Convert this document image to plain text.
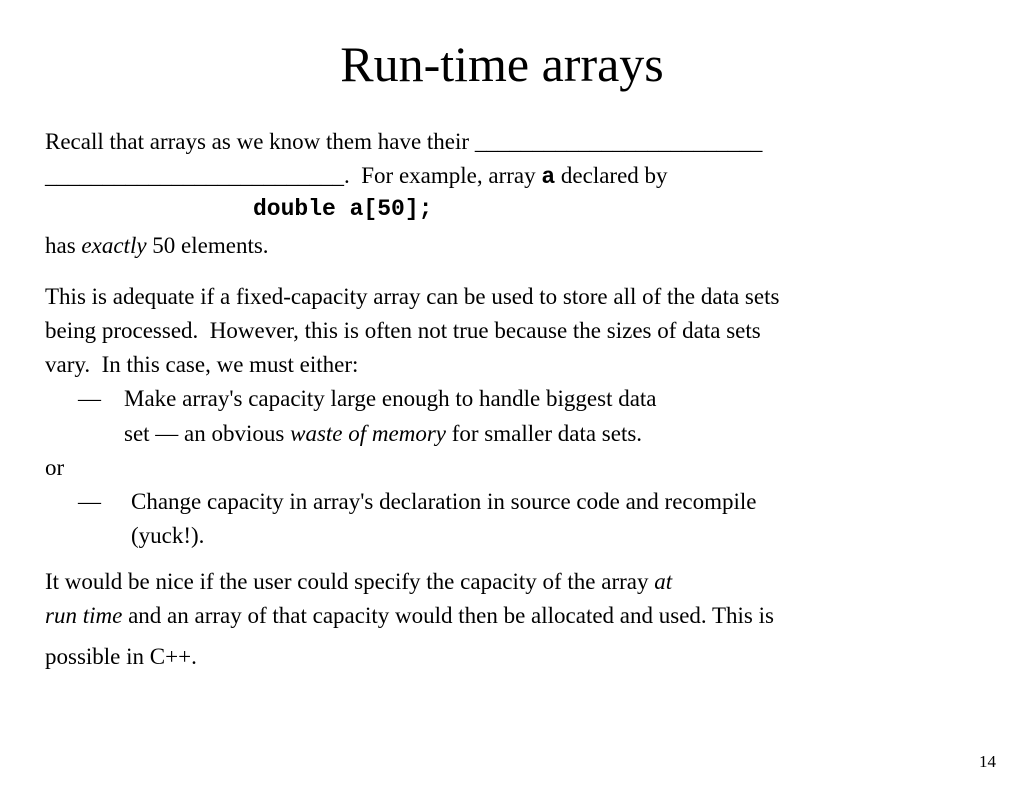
Run-time arrays
Recall that arrays as we know them have their _________________________
__________________________.  For example, array a declared by
double a[50];
has exactly 50 elements.
This is adequate if a fixed-capacity array can be used to store all of the data sets
being processed.  However, this is often not true because the sizes of data sets
vary.  In this case, we must either:
— Make array's capacity large enough to handle biggest data
set — an obvious waste of memory for smaller data sets.
or
— Change capacity in array's declaration in source code and recompile
(yuck!).
It would be nice if the user could specify the capacity of the array at
run time and an array of that capacity would then be allocated and used. This is
possible in C++.
14
